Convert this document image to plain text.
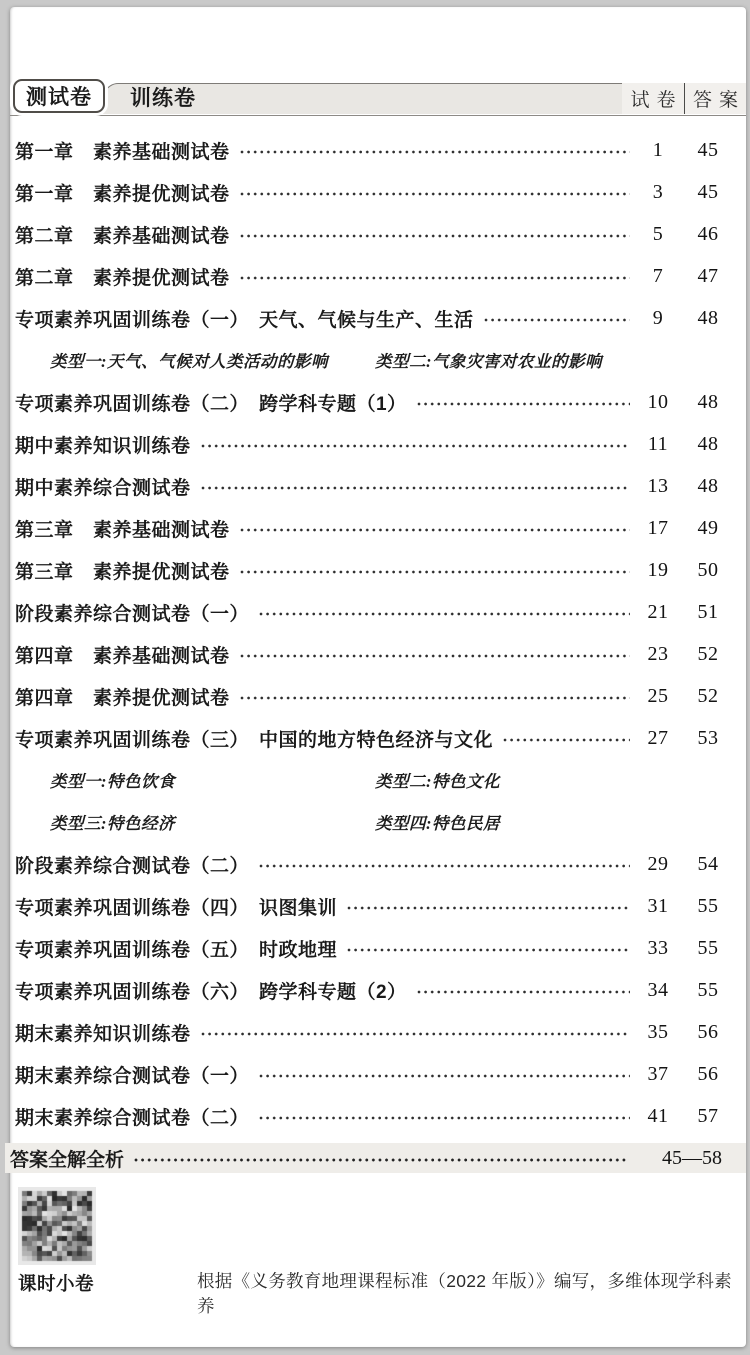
训练卷
测试卷	试卷 答案
第一章　素养基础测试卷	1	45
第一章　素养提优测试卷	3	45
第二章　素养基础测试卷	5	46
第二章　素养提优测试卷	7	47
专项素养巩固训练卷（一）　天气、气候与生产、生活	9	48
类型一:天气、气候对人类活动的影响	类型二:气象灾害对农业的影响
专项素养巩固训练卷（二）　跨学科专题（1）	10	48
期中素养知识训练卷	11	48
期中素养综合测试卷	13	48
第三章　素养基础测试卷	17	49
第三章　素养提优测试卷	19	50
阶段素养综合测试卷（一）	21	51
第四章　素养基础测试卷	23	52
第四章　素养提优测试卷	25	52
专项素养巩固训练卷（三）　中国的地方特色经济与文化	27	53
类型一:特色饮食	类型二:特色文化
类型三:特色经济	类型四:特色民居
阶段素养综合测试卷（二）	29	54
专项素养巩固训练卷（四）　识图集训	31	55
专项素养巩固训练卷（五）　时政地理	33	55
专项素养巩固训练卷（六）　跨学科专题（2）	34	55
期末素养知识训练卷	35	56
期末素养综合测试卷（一）	37	56
期末素养综合测试卷（二）	41	57
答案全解全析	45—58
课时小卷	根据《义务教育地理课程标准（2022 年版）》编写，多维体现学科素养
